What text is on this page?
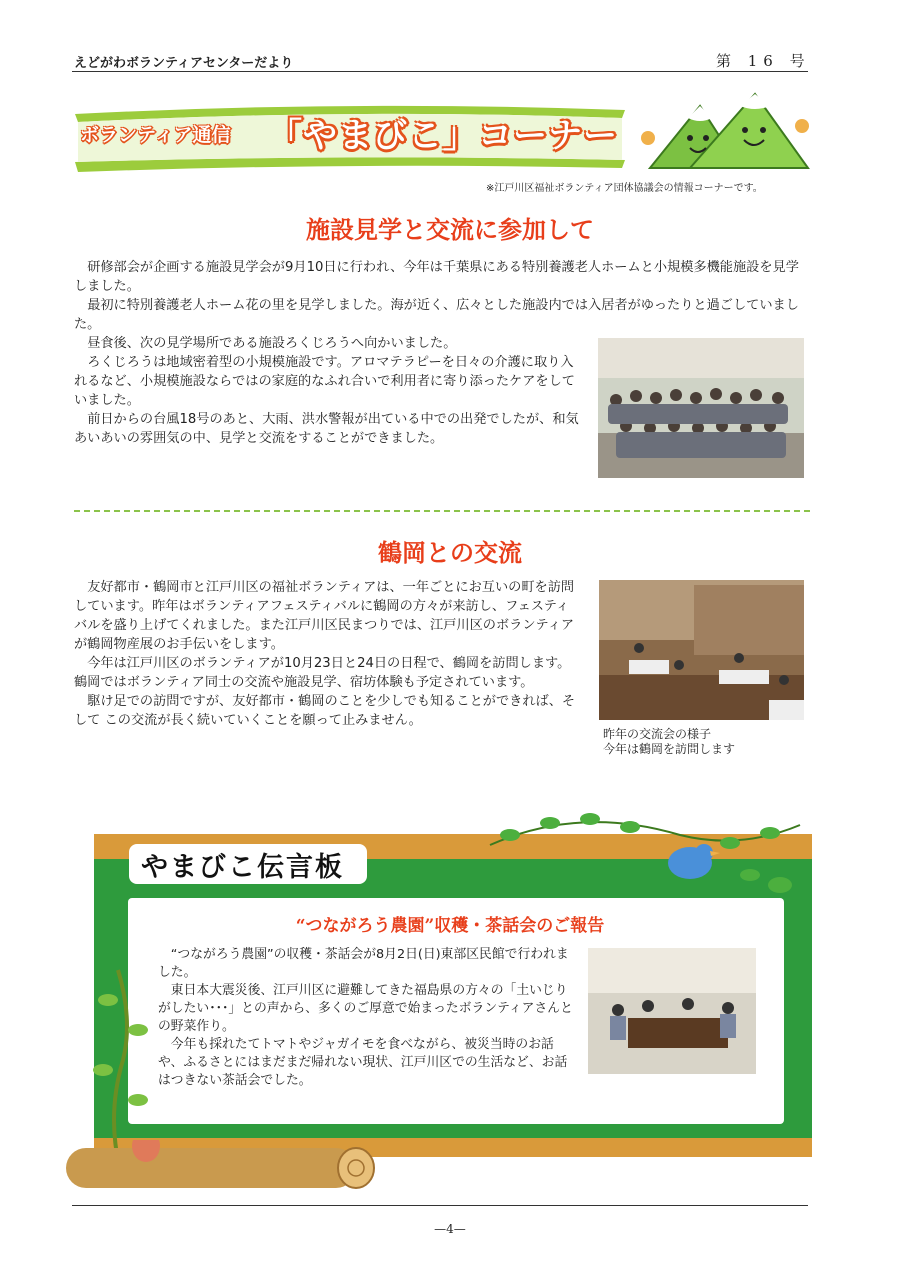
えどがわボランティアセンターだより	第 16 号
ボランティア通信 「やまびこ」コーナー
※江戸川区福祉ボランティア団体協議会の情報コーナーです。
施設見学と交流に参加して

研修部会が企画する施設見学会が9月10日に行われ、今年は千葉県にある特別養護老人ホームと小規模多機能施設を見学しました。

最初に特別養護老人ホーム花の里を見学しました。海が近く、広々とした施設内では入居者がゆったりと過ごしていました。

昼食後、次の見学場所である施設ろくじろうへ向かいました。

ろくじろうは地域密着型の小規模施設です。アロマテラピーを日々の介護に取り入れるなど、小規模施設ならではの家庭的なふれ合いで利用者に寄り添ったケアをしていました。

前日からの台風18号のあと、大雨、洪水警報が出ている中での出発でしたが、和気あいあいの雰囲気の中、見学と交流をすることができました。

鶴岡との交流

友好都市・鶴岡市と江戸川区の福祉ボランティアは、一年ごとにお互いの町を訪問しています。昨年はボランティアフェスティバルに鶴岡の方々が来訪し、フェスティバルを盛り上げてくれました。また江戸川区民まつりでは、江戸川区のボランティアが鶴岡物産展のお手伝いをします。

今年は江戸川区のボランティアが10月23日と24日の日程で、鶴岡を訪問します。鶴岡ではボランティア同士の交流や施設見学、宿坊体験も予定されています。

駆け足での訪問ですが、友好都市・鶴岡のことを少しでも知ることができれば、そして この交流が長く続いていくことを願って止みません。

昨年の交流会の様子
今年は鶴岡を訪問します
やまびこ伝言板
“つながろう農園”収穫・茶話会のご報告

“つながろう農園”の収穫・茶話会が8月2日(日)東部区民館で行われました。

東日本大震災後、江戸川区に避難してきた福島県の方々の「土いじりがしたい･･･」との声から、多くのご厚意で始まったボランティアさんとの野菜作り。

今年も採れたてトマトやジャガイモを食べながら、被災当時のお話や、ふるさとにはまだまだ帰れない現状、江戸川区での生活など、お話はつきない茶話会でした。

—4—
